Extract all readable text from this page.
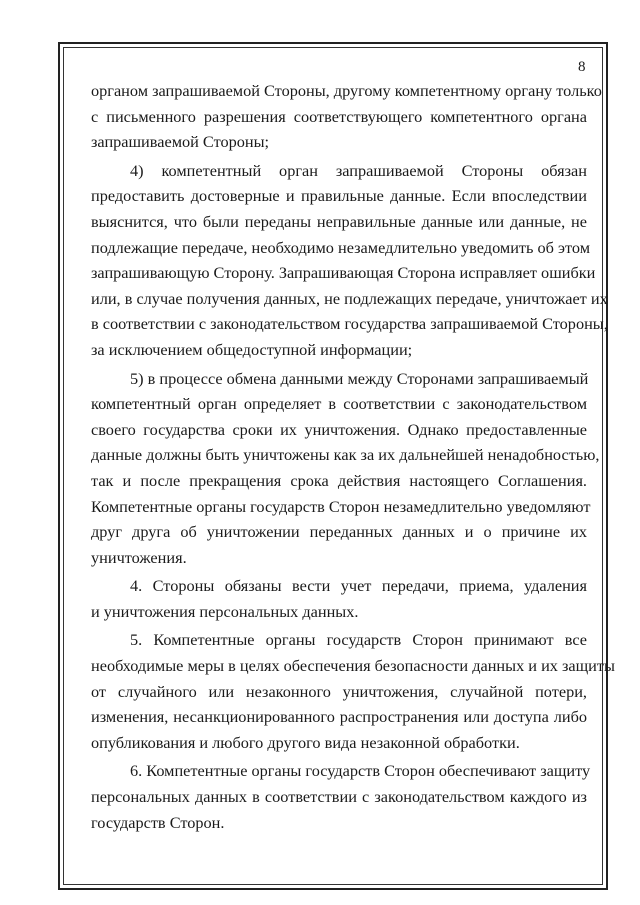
8
органом запрашиваемой Стороны, другому компетентному органу только
с письменного разрешения соответствующего компетентного органа
запрашиваемой Стороны;
4) компетентный орган запрашиваемой Стороны обязан
предоставить достоверные и правильные данные. Если впоследствии
выяснится, что были переданы неправильные данные или данные, не
подлежащие передаче, необходимо незамедлительно уведомить об этом
запрашивающую Сторону. Запрашивающая Сторона исправляет ошибки
или, в случае получения данных, не подлежащих передаче, уничтожает их
в соответствии с законодательством государства запрашиваемой Стороны,
за исключением общедоступной информации;
5) в процессе обмена данными между Сторонами запрашиваемый
компетентный орган определяет в соответствии с законодательством
своего государства сроки их уничтожения. Однако предоставленные
данные должны быть уничтожены как за их дальнейшей ненадобностью,
так и после прекращения срока действия настоящего Соглашения.
Компетентные органы государств Сторон незамедлительно уведомляют
друг друга об уничтожении переданных данных и о причине их
уничтожения.
4. Стороны обязаны вести учет передачи, приема, удаления
и уничтожения персональных данных.
5. Компетентные органы государств Сторон принимают все
необходимые меры в целях обеспечения безопасности данных и их защиты
от случайного или незаконного уничтожения, случайной потери,
изменения, несанкционированного распространения или доступа либо
опубликования и любого другого вида незаконной обработки.
6. Компетентные органы государств Сторон обеспечивают защиту
персональных данных в соответствии с законодательством каждого из
государств Сторон.
